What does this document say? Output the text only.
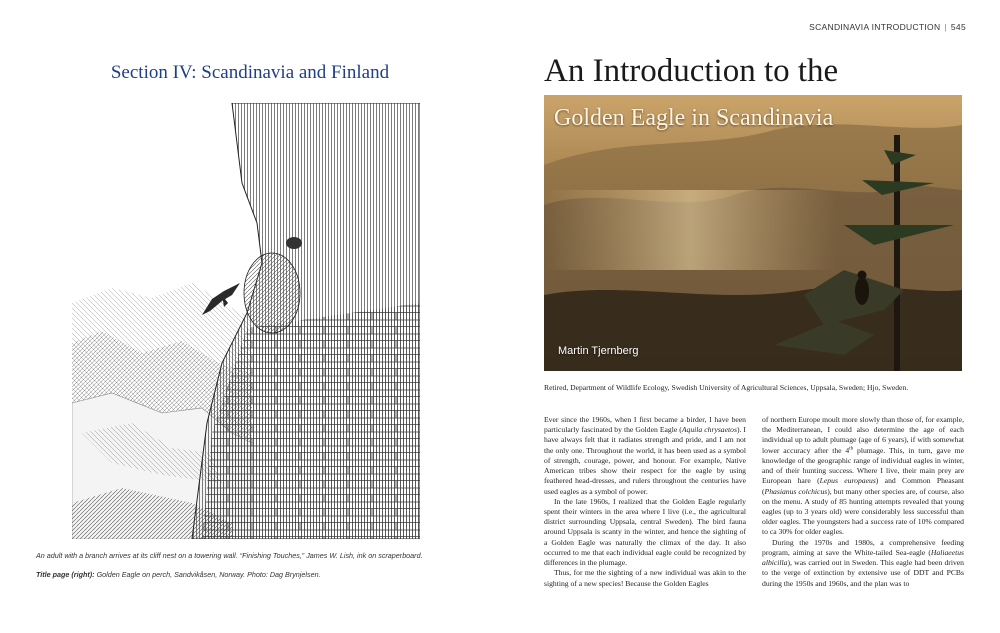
SCANDINAVIA INTRODUCTION | 545
Section IV: Scandinavia and Finland
An adult with a branch arrives at its cliff nest on a towering wall. “Finishing Touches,” James W. Lish, ink on scraperboard.
Title page (right): Golden Eagle on perch, Sandvikåsen, Norway. Photo: Dag Brynjelsen.
An Introduction to the
Golden Eagle in Scandinavia
Martin Tjernberg
Retired, Department of Wildlife Ecology, Swedish University of Agricultural Sciences, Uppsala, Sweden; Hjo, Sweden.

Ever since the 1960s, when I first became a birder, I have been particularly fascinated by the Golden Eagle (Aquila chrysaetos). I have always felt that it radiates strength and pride, and I am not the only one. Throughout the world, it has been used as a symbol of strength, courage, power, and honour. For example, Native American tribes show their respect for the eagle by using feathered head-dresses, and rulers throughout the centuries have used eagles as a symbol of power.

In the late 1960s, I realized that the Golden Eagle regularly spent their winters in the area where I live (i.e., the agricultural district surrounding Uppsala, central Sweden). The bird fauna around Uppsala is scanty in the winter, and hence the sighting of a Golden Eagle was naturally the climax of the day. It also occurred to me that each individual eagle could be recognized by differences in the plumage.

Thus, for me the sighting of a new individual was akin to the sighting of a new species! Because the Golden Eagles

of northern Europe moult more slowly than those of, for example, the Mediterranean, I could also determine the age of each individual up to adult plumage (age of 6 years), if with somewhat lower accuracy after the 4th plumage. This, in turn, gave me knowledge of the geographic range of individual eagles in winter, and of their hunting success. Where I live, their main prey are European hare (Lepus europaeus) and Common Pheasant (Phasianus colchicus), but many other species are, of course, also on the menu. A study of 85 hunting attempts revealed that young eagles (up to 3 years old) were considerably less successful than older eagles. The youngsters had a success rate of 10% compared to ca 30% for older eagles.

During the 1970s and 1980s, a comprehensive feeding program, aiming at save the White-tailed Sea-eagle (Haliaeetus albicilla), was carried out in Sweden. This eagle had been driven to the verge of extinction by extensive use of DDT and PCBs during the 1950s and 1960s, and the plan was to
